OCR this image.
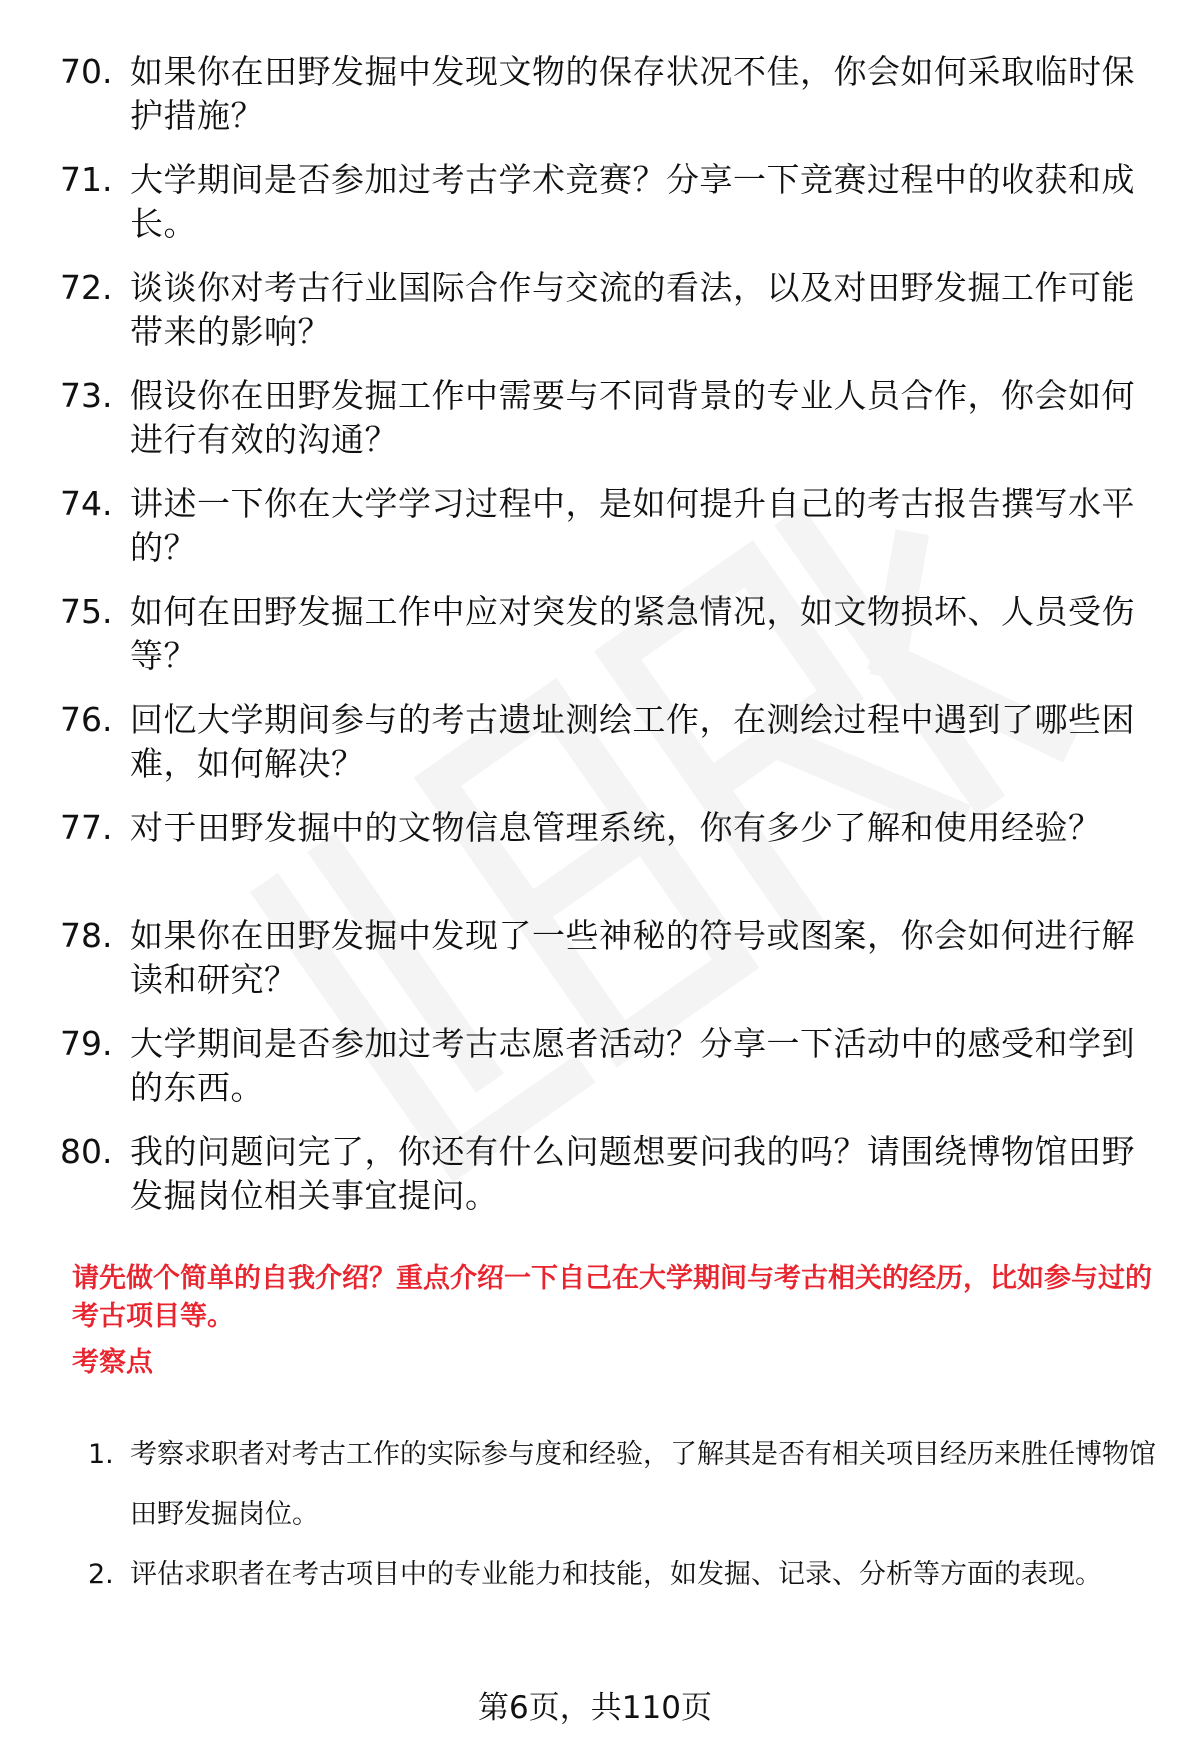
70. 如果你在田野发掘中发现文物的保存状况不佳，你会如何采取临时保护措施？
71. 大学期间是否参加过考古学术竞赛？分享一下竞赛过程中的收获和成长。
72. 谈谈你对考古行业国际合作与交流的看法，以及对田野发掘工作可能带来的影响？
73. 假设你在田野发掘工作中需要与不同背景的专业人员合作，你会如何进行有效的沟通？
74. 讲述一下你在大学学习过程中，是如何提升自己的考古报告撰写水平的？
75. 如何在田野发掘工作中应对突发的紧急情况，如文物损坏、人员受伤等？
76. 回忆大学期间参与的考古遗址测绘工作，在测绘过程中遇到了哪些困难，如何解决？
77. 对于田野发掘中的文物信息管理系统，你有多少了解和使用经验？
78. 如果你在田野发掘中发现了一些神秘的符号或图案，你会如何进行解读和研究？
79. 大学期间是否参加过考古志愿者活动？分享一下活动中的感受和学到的东西。
80. 我的问题问完了，你还有什么问题想要问我的吗？请围绕博物馆田野发掘岗位相关事宜提问。

请先做个简单的自我介绍？重点介绍一下自己在大学期间与考古相关的经历，比如参与过的考古项目等。

考察点

1. 考察求职者对考古工作的实际参与度和经验，了解其是否有相关项目经历来胜任博物馆田野发掘岗位。
2. 评估求职者在考古项目中的专业能力和技能，如发掘、记录、分析等方面的表现。

第6页，共110页
